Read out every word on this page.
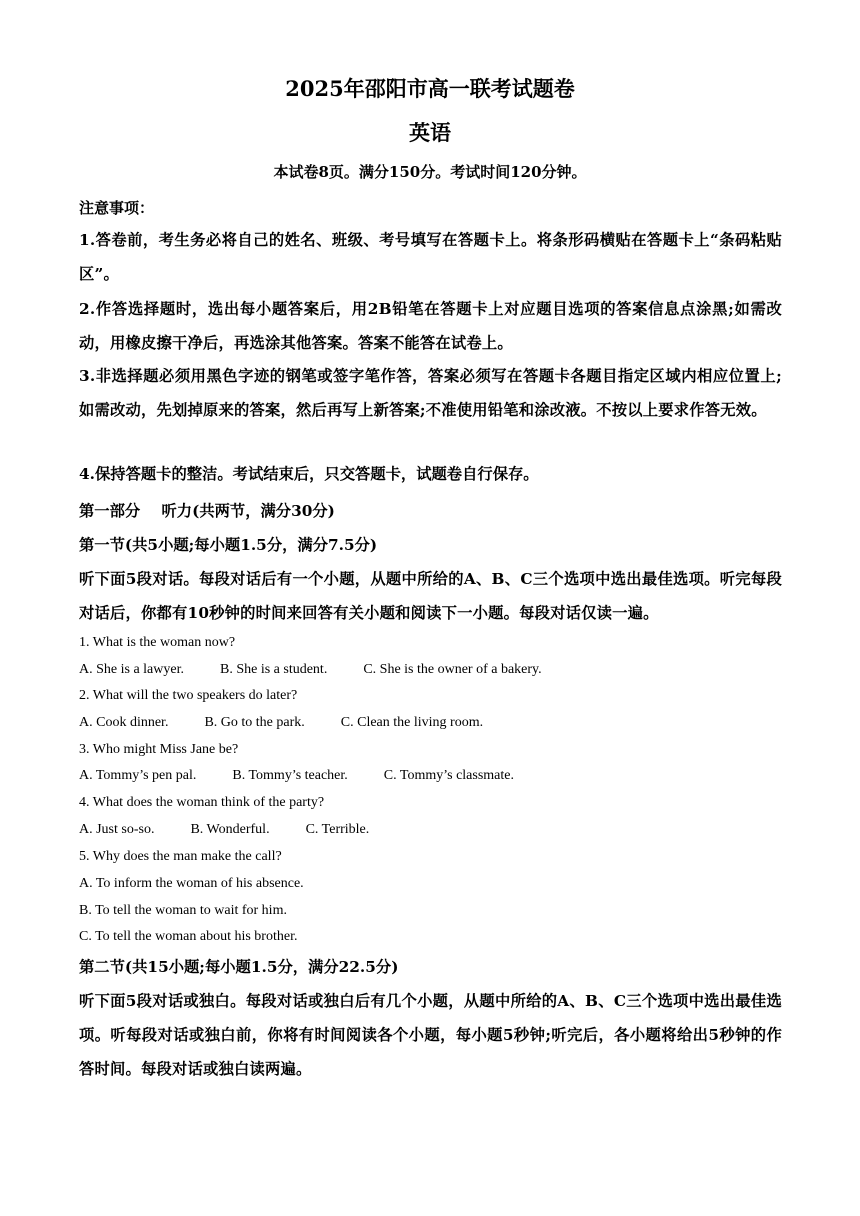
2025年邵阳市高一联考试题卷
英语
本试卷8页。满分150分。考试时间120分钟。
注意事项：
1.答卷前，考生务必将自己的姓名、班级、考号填写在答题卡上。将条形码横贴在答题卡上“条码粘贴区”。
2.作答选择题时，选出每小题答案后，用2B铅笔在答题卡上对应题目选项的答案信息点涂黑;如需改动，用橡皮擦干净后，再选涂其他答案。答案不能答在试卷上。
3.非选择题必须用黑色字迹的钢笔或签字笔作答，答案必须写在答题卡各题目指定区域内相应位置上;如需改动，先划掉原来的答案，然后再写上新答案;不准使用铅笔和涂改液。不按以上要求作答无效。
4.保持答题卡的整洁。考试结束后，只交答题卡，试题卷自行保存。
第一部分    听力(共两节，满分30分)
第一节(共5小题;每小题1.5分，满分7.5分)
听下面5段对话。每段对话后有一个小题，从题中所给的A、B、C三个选项中选出最佳选项。听完每段对话后，你都有10秒钟的时间来回答有关小题和阅读下一小题。每段对话仅读一遍。
1. What is the woman now?
A. She is a lawyer.	B. She is a student.	C. She is the owner of a bakery.
2. What will the two speakers do later?
A. Cook dinner.	B. Go to the park.	C. Clean the living room.
3. Who might Miss Jane be?
A. Tommy’s pen pal.	B. Tommy’s teacher.	C. Tommy’s classmate.
4. What does the woman think of the party?
A. Just so-so.	B. Wonderful.	C. Terrible.
5. Why does the man make the call?
A. To inform the woman of his absence.
B. To tell the woman to wait for him.
C. To tell the woman about his brother.
第二节(共15小题;每小题1.5分，满分22.5分)
听下面5段对话或独白。每段对话或独白后有几个小题，从题中所给的A、B、C三个选项中选出最佳选项。听每段对话或独白前，你将有时间阅读各个小题，每小题5秒钟;听完后，各小题将给出5秒钟的作答时间。每段对话或独白读两遍。
